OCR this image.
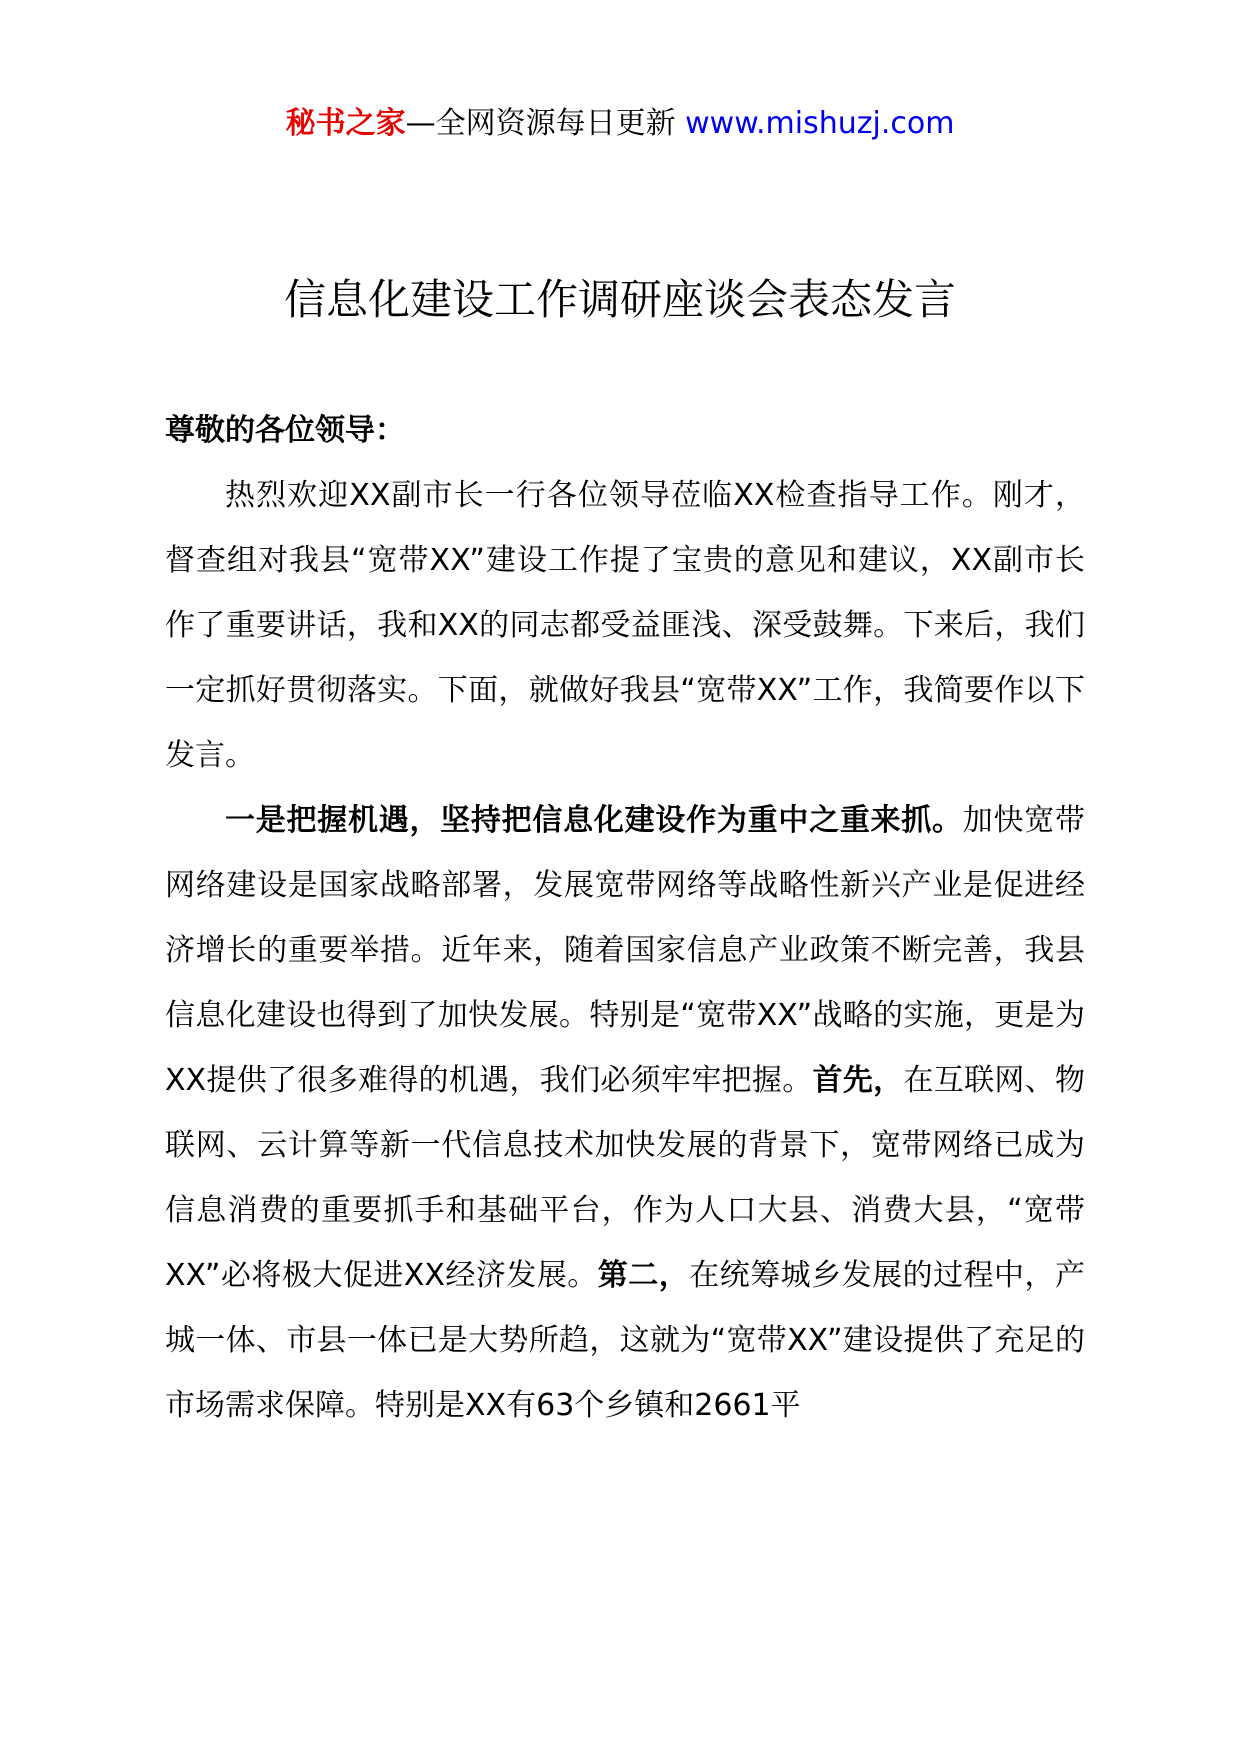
秘书之家—全网资源每日更新 www.mishuzj.com
信息化建设工作调研座谈会表态发言

尊敬的各位领导：

热烈欢迎XX副市长一行各位领导莅临XX检查指导工作。刚才，督查组对我县“宽带XX”建设工作提了宝贵的意见和建议，XX副市长作了重要讲话，我和XX的同志都受益匪浅、深受鼓舞。下来后，我们一定抓好贯彻落实。下面，就做好我县“宽带XX”工作，我简要作以下发言。

一是把握机遇，坚持把信息化建设作为重中之重来抓。加快宽带网络建设是国家战略部署，发展宽带网络等战略性新兴产业是促进经济增长的重要举措。近年来，随着国家信息产业政策不断完善，我县信息化建设也得到了加快发展。特别是“宽带XX”战略的实施，更是为XX提供了很多难得的机遇，我们必须牢牢把握。首先，在互联网、物联网、云计算等新一代信息技术加快发展的背景下，宽带网络已成为信息消费的重要抓手和基础平台，作为人口大县、消费大县，“宽带XX”必将极大促进XX经济发展。第二，在统筹城乡发展的过程中，产城一体、市县一体已是大势所趋，这就为“宽带XX”建设提供了充足的市场需求保障。特别是XX有63个乡镇和2661平
